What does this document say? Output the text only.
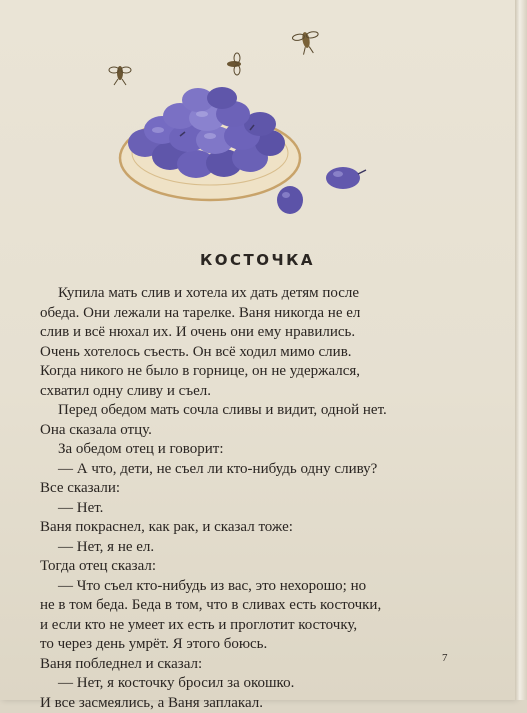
КОСТОЧКА
Купила мать слив и хотела их дать детям после
обеда. Они лежали на тарелке. Ваня никогда не ел
слив и всё нюхал их. И очень они ему нравились.
Очень хотелось съесть. Он всё ходил мимо слив.
Когда никого не было в горнице, он не удержался,
схватил одну сливу и съел.
Перед обедом мать сочла сливы и видит, одной нет.
Она сказала отцу.
За обедом отец и говорит:
— А что, дети, не съел ли кто-нибудь одну сливу?
Все сказали:
— Нет.
Ваня покраснел, как рак, и сказал тоже:
— Нет, я не ел.
Тогда отец сказал:
— Что съел кто-нибудь из вас, это нехорошо; но
не в том беда. Беда в том, что в сливах есть косточки,
и если кто не умеет их есть и проглотит косточку,
то через день умрёт. Я этого боюсь.
Ваня побледнел и сказал:
— Нет, я косточку бросил за окошко.
И все засмеялись, а Ваня заплакал.
7
